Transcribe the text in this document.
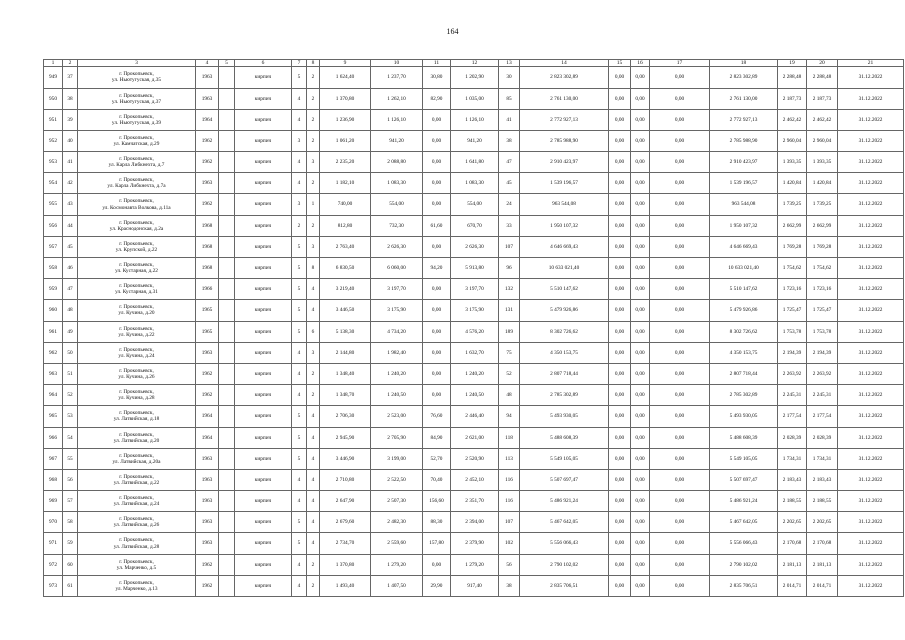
164
1	2	3	4	5	6	7	8	9	10	11	12	13	14	15	16	17	18	19	20	21
949	37	г. Прокопьевск,
ул. Ньютугуская, д.35	1963		кирпич	5	2	1 624,40	1 237,70	30,80	1 202,90	30	2 823 302,89	0,00	0,00	0,00	2 823 302,89	2 288,48	2 288,48	31.12.2022
950	38	г. Прокопьевск,
ул. Ньютугуская, д.37	1963		кирпич	4	2	1 370,80	1 262,10	82,90	1 035,00	85	2 761 130,00	0,00	0,00	0,00	2 761 130,00	2 187,73	2 187,73	31.12.2022
951	39	г. Прокопьевск,
ул. Ньютугуская, д.39	1964		кирпич	4	2	1 236,90	1 126,10	0,00	1 126,10	41	2 772 927,13	0,00	0,00	0,00	2 772 927,13	2 462,42	2 462,42	31.12.2022
952	40	г. Прокопьевск,
ул. Камчатская, д.29	1962		кирпич	3	2	1 061,20	941,20	0,00	941,20	38	2 785 988,90	0,00	0,00	0,00	2 785 988,90	2 960,04	2 960,04	31.12.2022
953	41	г. Прокопьевск,
ул. Карла Либкнехта, д.7	1962		кирпич	4	3	2 235,20	2 088,80	0,00	1 641,80	47	2 910 423,97	0,00	0,00	0,00	2 910 423,97	1 393,35	1 393,35	31.12.2022
954	42	г. Прокопьевск,
ул. Карла Либкнехта, д.7а	1963		кирпич	4	2	1 182,10	1 083,30	0,00	1 083,30	45	1 539 196,57	0,00	0,00	0,00	1 539 196,57	1 420,84	1 420,84	31.12.2022
955	43	г. Прокопьевск,
ул. Космонавта Волкова, д.11а	1962		кирпич	3	1	740,00	554,00	0,00	554,00	24	963 544,08	0,00	0,00	0,00	963 544,08	1 739,25	1 739,25	31.12.2022
956	44	г. Прокопьевск,
ул. Краснодонская, д.2а	1968		кирпич	2	2	812,80	732,30	61,60	670,70	33	1 950 107,32	0,00	0,00	0,00	1 950 107,32	2 662,99	2 662,99	31.12.2022
957	45	г. Прокопьевск,
ул. Крупской, д.22	1968		кирпич	5	3	2 763,40	2 626,30	0,00	2 626,30	107	4 646 669,43	0,00	0,00	0,00	4 646 669,43	1 769,28	1 769,28	31.12.2022
958	46	г. Прокопьевск,
ул. Кустарная, д.22	1968		кирпич	5	8	6 830,50	6 060,00	94,20	5 913,80	96	10 633 021,40	0,00	0,00	0,00	10 633 021,40	1 754,62	1 754,62	31.12.2022
959	47	г. Прокопьевск,
ул. Кустарная, д.31	1966		кирпич	5	4	3 219,40	3 197,70	0,00	3 197,70	132	5 510 147,62	0,00	0,00	0,00	5 510 147,62	1 723,16	1 723,16	31.12.2022
960	48	г. Прокопьевск,
ул. Кучина, д.20	1965		кирпич	5	4	3 446,50	3 175,90	0,00	3 175,90	131	5 479 926,86	0,00	0,00	0,00	5 479 926,86	1 725,47	1 725,47	31.12.2022
961	49	г. Прокопьевск,
ул. Кучина, д.22	1965		кирпич	5	6	5 138,30	4 734,20	0,00	4 576,20	189	8 302 726,62	0,00	0,00	0,00	8 302 726,62	1 753,78	1 753,78	31.12.2022
962	50	г. Прокопьевск,
ул. Кучина, д.24	1963		кирпич	4	3	2 144,80	1 982,40	0,00	1 632,70	75	4 350 153,75	0,00	0,00	0,00	4 350 153,75	2 194,39	2 194,39	31.12.2022
963	51	г. Прокопьевск,
ул. Кучина, д.26	1962		кирпич	4	2	1 348,40	1 240,20	0,00	1 240,20	52	2 807 718,44	0,00	0,00	0,00	2 807 718,44	2 263,92	2 263,92	31.12.2022
964	52	г. Прокопьевск,
ул. Кучина, д.28	1962		кирпич	4	2	1 348,70	1 240,50	0,00	1 240,50	48	2 785 302,89	0,00	0,00	0,00	2 785 302,89	2 245,31	2 245,31	31.12.2022
965	53	г. Прокопьевск,
ул. Латвийская, д.18	1964		кирпич	5	4	2 706,30	2 523,00	76,60	2 446,40	94	5 493 930,05	0,00	0,00	0,00	5 493 930,05	2 177,54	2 177,54	31.12.2022
966	54	г. Прокопьевск,
ул. Латвийская, д.20	1964		кирпич	5	4	2 945,90	2 705,90	84,90	2 621,00	118	5 488 608,39	0,00	0,00	0,00	5 488 608,39	2 028,39	2 028,39	31.12.2022
967	55	г. Прокопьевск,
ул. Латвийская, д.20а	1963		кирпич	5	4	3 446,90	3 199,00	52,70	2 520,90	113	5 549 105,05	0,00	0,00	0,00	5 549 105,05	1 734,31	1 734,31	31.12.2022
968	56	г. Прокопьевск,
ул. Латвийская, д.22	1963		кирпич	4	4	2 710,80	2 522,50	70,40	2 452,10	116	5 507 697,47	0,00	0,00	0,00	5 507 697,47	2 183,43	2 183,43	31.12.2022
969	57	г. Прокопьевск,
ул. Латвийская, д.24	1963		кирпич	4	4	2 647,90	2 507,30	156,60	2 351,70	116	5 486 921,24	0,00	0,00	0,00	5 486 921,24	2 188,55	2 188,55	31.12.2022
970	58	г. Прокопьевск,
ул. Латвийская, д.26	1963		кирпич	5	4	2 679,60	2 482,30	88,30	2 394,00	107	5 467 642,05	0,00	0,00	0,00	5 467 642,05	2 202,65	2 202,65	31.12.2022
971	59	г. Прокопьевск,
ул. Латвийская, д.28	1963		кирпич	5	4	2 734,70	2 559,60	157,80	2 379,90	102	5 556 066,43	0,00	0,00	0,00	5 556 066,43	2 170,68	2 170,68	31.12.2022
972	60	г. Прокопьевск,
ул. Марченко, д.5	1962		кирпич	4	2	1 370,80	1 279,20	0,00	1 279,20	56	2 790 102,02	0,00	0,00	0,00	2 790 102,02	2 181,13	2 181,13	31.12.2022
973	61	г. Прокопьевск,
ул. Марченко, д.13	1962		кирпич	4	2	1 493,40	1 407,50	29,90	917,40	38	2 835 706,51	0,00	0,00	0,00	2 835 706,51	2 014,71	2 014,71	31.12.2022
